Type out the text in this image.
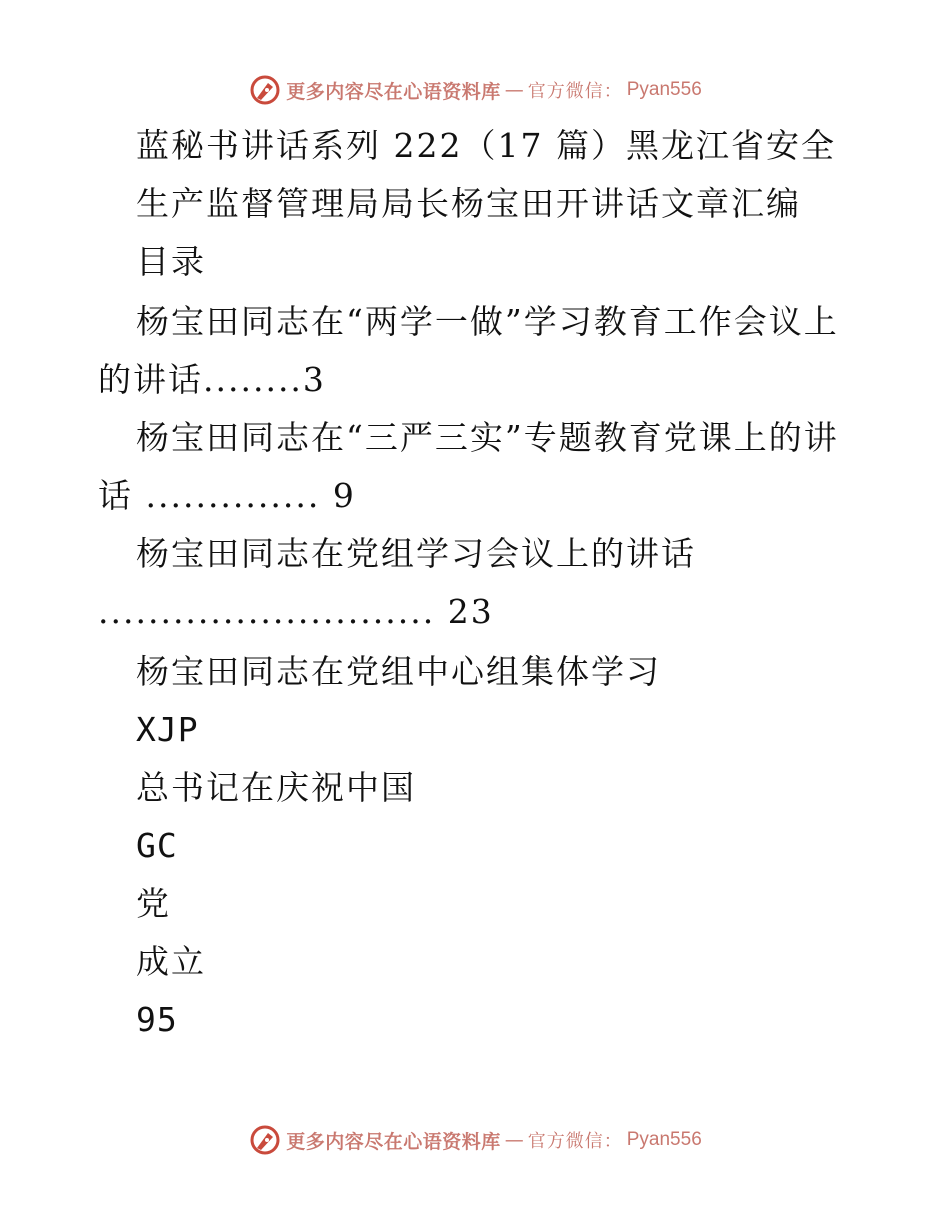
更多内容尽在心语资料库 — 官方微信： Pyan556
蓝秘书讲话系列 222（17 篇）黑龙江省安全
生产监督管理局局长杨宝田开讲话文章汇编
目录
杨宝田同志在“两学一做”学习教育工作会议上
的讲话........3
杨宝田同志在“三严三实”专题教育党课上的讲
话 .............. 9
杨宝田同志在党组学习会议上的讲话
........................... 23
杨宝田同志在党组中心组集体学习
XJP
总书记在庆祝中国
GC
党
成立
95
更多内容尽在心语资料库 — 官方微信： Pyan556
